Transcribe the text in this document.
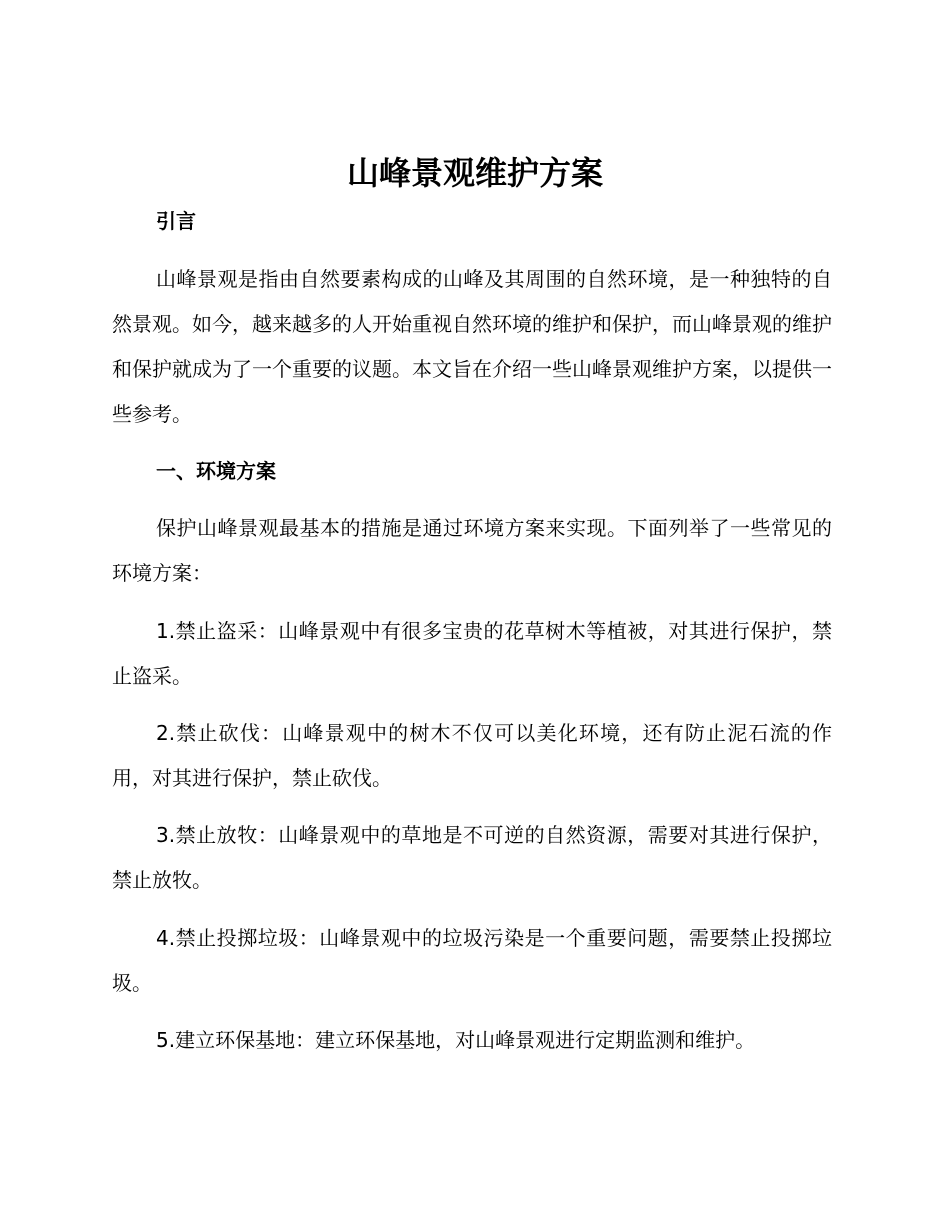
山峰景观维护方案
引言

山峰景观是指由自然要素构成的山峰及其周围的自然环境，是一种独特的自然景观。如今，越来越多的人开始重视自然环境的维护和保护，而山峰景观的维护和保护就成为了一个重要的议题。本文旨在介绍一些山峰景观维护方案，以提供一些参考。

一、环境方案

保护山峰景观最基本的措施是通过环境方案来实现。下面列举了一些常见的环境方案：

1.禁止盗采：山峰景观中有很多宝贵的花草树木等植被，对其进行保护，禁止盗采。

2.禁止砍伐：山峰景观中的树木不仅可以美化环境，还有防止泥石流的作用，对其进行保护，禁止砍伐。

3.禁止放牧：山峰景观中的草地是不可逆的自然资源，需要对其进行保护，禁止放牧。

4.禁止投掷垃圾：山峰景观中的垃圾污染是一个重要问题，需要禁止投掷垃圾。

5.建立环保基地：建立环保基地，对山峰景观进行定期监测和维护。
